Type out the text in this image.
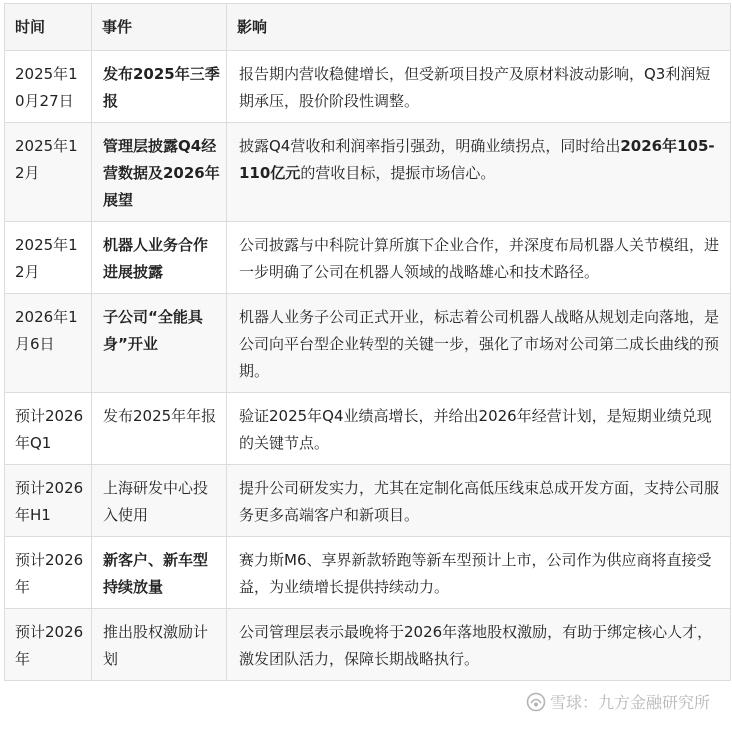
时间	事件	影响
2025年10月27日	发布2025年三季报	报告期内营收稳健增长，但受新项目投产及原材料波动影响，Q3利润短期承压，股价阶段性调整。
2025年12月	管理层披露Q4经营数据及2026年展望	披露Q4营收和利润率指引强劲，明确业绩拐点，同时给出2026年105-110亿元的营收目标，提振市场信心。
2025年12月	机器人业务合作进展披露	公司披露与中科院计算所旗下企业合作，并深度布局机器人关节模组，进一步明确了公司在机器人领域的战略雄心和技术路径。
2026年1月6日	子公司“全能具身”开业	机器人业务子公司正式开业，标志着公司机器人战略从规划走向落地，是公司向平台型企业转型的关键一步，强化了市场对公司第二成长曲线的预期。
预计2026年Q1	发布2025年年报	验证2025年Q4业绩高增长，并给出2026年经营计划，是短期业绩兑现的关键节点。
预计2026年H1	上海研发中心投入使用	提升公司研发实力，尤其在定制化高低压线束总成开发方面，支持公司服务更多高端客户和新项目。
预计2026年	新客户、新车型持续放量	赛力斯M6、享界新款轿跑等新车型预计上市，公司作为供应商将直接受益，为业绩增长提供持续动力。
预计2026年	推出股权激励计划	公司管理层表示最晚将于2026年落地股权激励，有助于绑定核心人才，激发团队活力，保障长期战略执行。
雪球：九方金融研究所
